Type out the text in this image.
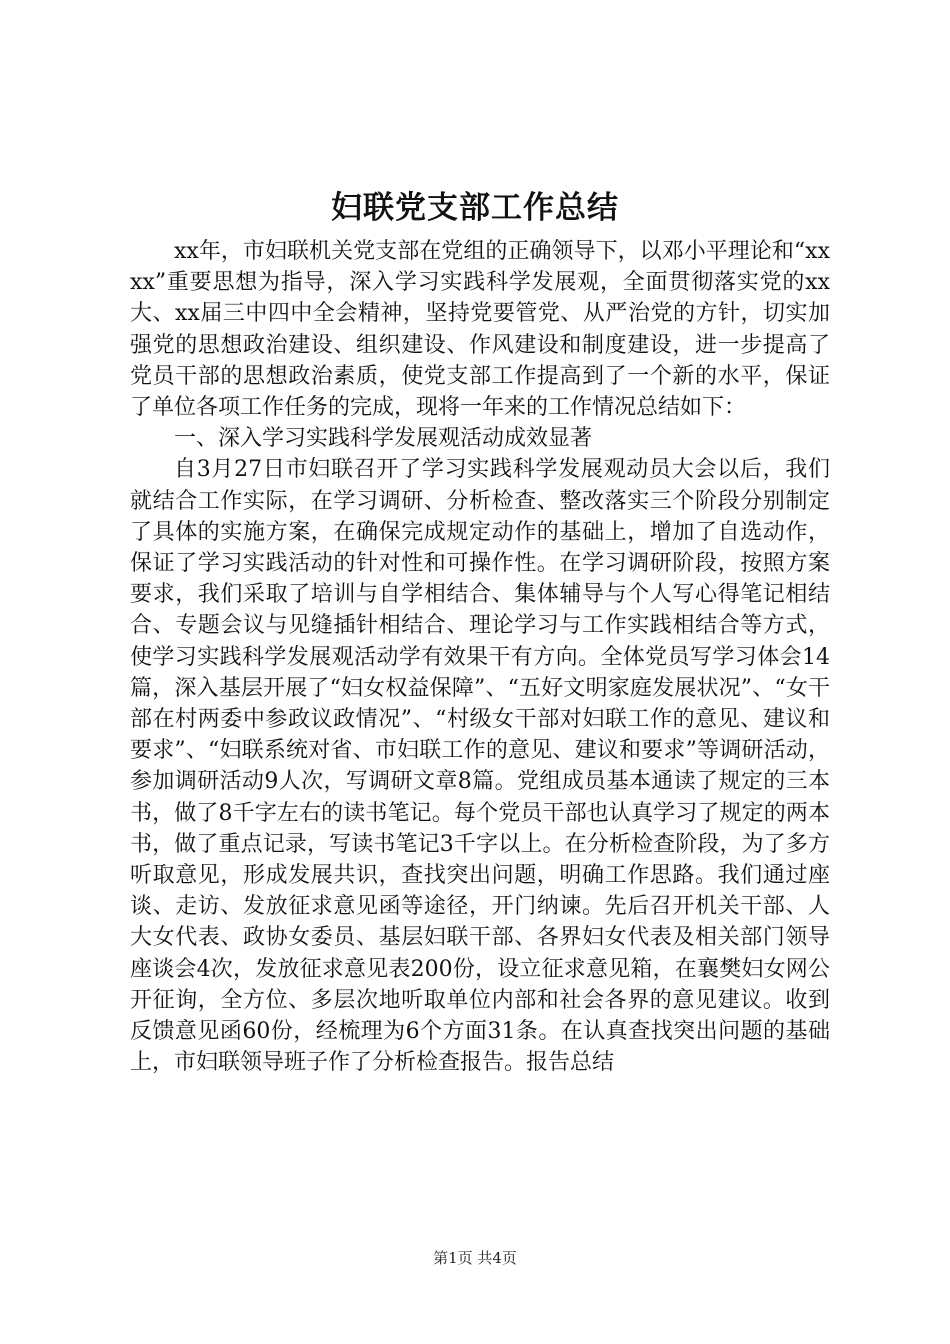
妇联党支部工作总结

xx年，市妇联机关党支部在党组的正确领导下，以邓小平理论和“xxxx”重要思想为指导，深入学习实践科学发展观，全面贯彻落实党的xx大、xx届三中四中全会精神，坚持党要管党、从严治党的方针，切实加强党的思想政治建设、组织建设、作风建设和制度建设，进一步提高了党员干部的思想政治素质，使党支部工作提高到了一个新的水平，保证了单位各项工作任务的完成，现将一年来的工作情况总结如下：

一、深入学习实践科学发展观活动成效显著

自3月27日市妇联召开了学习实践科学发展观动员大会以后，我们就结合工作实际，在学习调研、分析检查、整改落实三个阶段分别制定了具体的实施方案，在确保完成规定动作的基础上，增加了自选动作，保证了学习实践活动的针对性和可操作性。在学习调研阶段，按照方案要求，我们采取了培训与自学相结合、集体辅导与个人写心得笔记相结合、专题会议与见缝插针相结合、理论学习与工作实践相结合等方式，使学习实践科学发展观活动学有效果干有方向。全体党员写学习体会14篇，深入基层开展了“妇女权益保障”、“五好文明家庭发展状况”、“女干部在村两委中参政议政情况”、“村级女干部对妇联工作的意见、建议和要求”、“妇联系统对省、市妇联工作的意见、建议和要求”等调研活动，参加调研活动9人次，写调研文章8篇。党组成员基本通读了规定的三本书，做了8千字左右的读书笔记。每个党员干部也认真学习了规定的两本书，做了重点记录，写读书笔记3千字以上。在分析检查阶段，为了多方听取意见，形成发展共识，查找突出问题，明确工作思路。我们通过座谈、走访、发放征求意见函等途径，开门纳谏。先后召开机关干部、人大女代表、政协女委员、基层妇联干部、各界妇女代表及相关部门领导座谈会4次，发放征求意见表200份，设立征求意见箱，在襄樊妇女网公开征询，全方位、多层次地听取单位内部和社会各界的意见建议。收到反馈意见函60份，经梳理为6个方面31条。在认真查找突出问题的基础上，市妇联领导班子作了分析检查报告。报告总结

第1页 共4页
